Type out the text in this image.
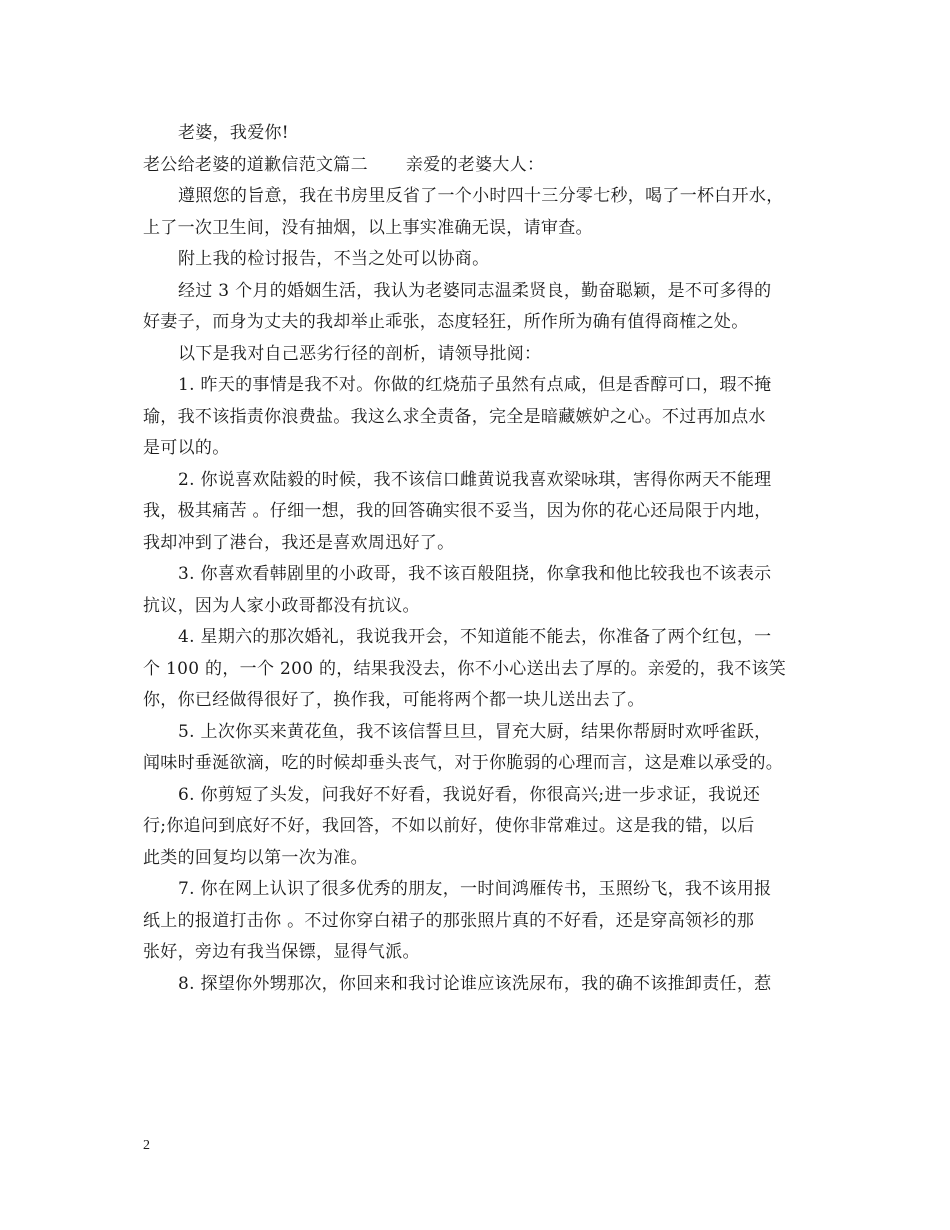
老婆，我爱你!
老公给老婆的道歉信范文篇二 亲爱的老婆大人：
遵照您的旨意，我在书房里反省了一个小时四十三分零七秒，喝了一杯白开水，
上了一次卫生间，没有抽烟，以上事实准确无误，请审查。
附上我的检讨报告，不当之处可以协商。
经过 3 个月的婚姻生活，我认为老婆同志温柔贤良，勤奋聪颖，是不可多得的
好妻子，而身为丈夫的我却举止乖张，态度轻狂，所作所为确有值得商榷之处。
以下是我对自己恶劣行径的剖析，请领导批阅：
1. 昨天的事情是我不对。你做的红烧茄子虽然有点咸，但是香醇可口，瑕不掩
瑜，我不该指责你浪费盐。我这么求全责备，完全是暗藏嫉妒之心。不过再加点水
是可以的。
2. 你说喜欢陆毅的时候，我不该信口雌黄说我喜欢梁咏琪，害得你两天不能理
我，极其痛苦 。仔细一想，我的回答确实很不妥当，因为你的花心还局限于内地，
我却冲到了港台，我还是喜欢周迅好了。
3. 你喜欢看韩剧里的小政哥，我不该百般阻挠，你拿我和他比较我也不该表示
抗议，因为人家小政哥都没有抗议。
4. 星期六的那次婚礼，我说我开会，不知道能不能去，你准备了两个红包，一
个 100 的，一个 200 的，结果我没去，你不小心送出去了厚的。亲爱的，我不该笑
你，你已经做得很好了，换作我，可能将两个都一块儿送出去了。
5. 上次你买来黄花鱼，我不该信誓旦旦，冒充大厨，结果你帮厨时欢呼雀跃，
闻味时垂涎欲滴，吃的时候却垂头丧气，对于你脆弱的心理而言，这是难以承受的。
6. 你剪短了头发，问我好不好看，我说好看，你很高兴;进一步求证，我说还
行;你追问到底好不好，我回答，不如以前好，使你非常难过。这是我的错，以后
此类的回复均以第一次为准。
7. 你在网上认识了很多优秀的朋友，一时间鸿雁传书，玉照纷飞，我不该用报
纸上的报道打击你 。不过你穿白裙子的那张照片真的不好看，还是穿高领衫的那
张好，旁边有我当保镖，显得气派。
8. 探望你外甥那次，你回来和我讨论谁应该洗尿布，我的确不该推卸责任，惹
2
